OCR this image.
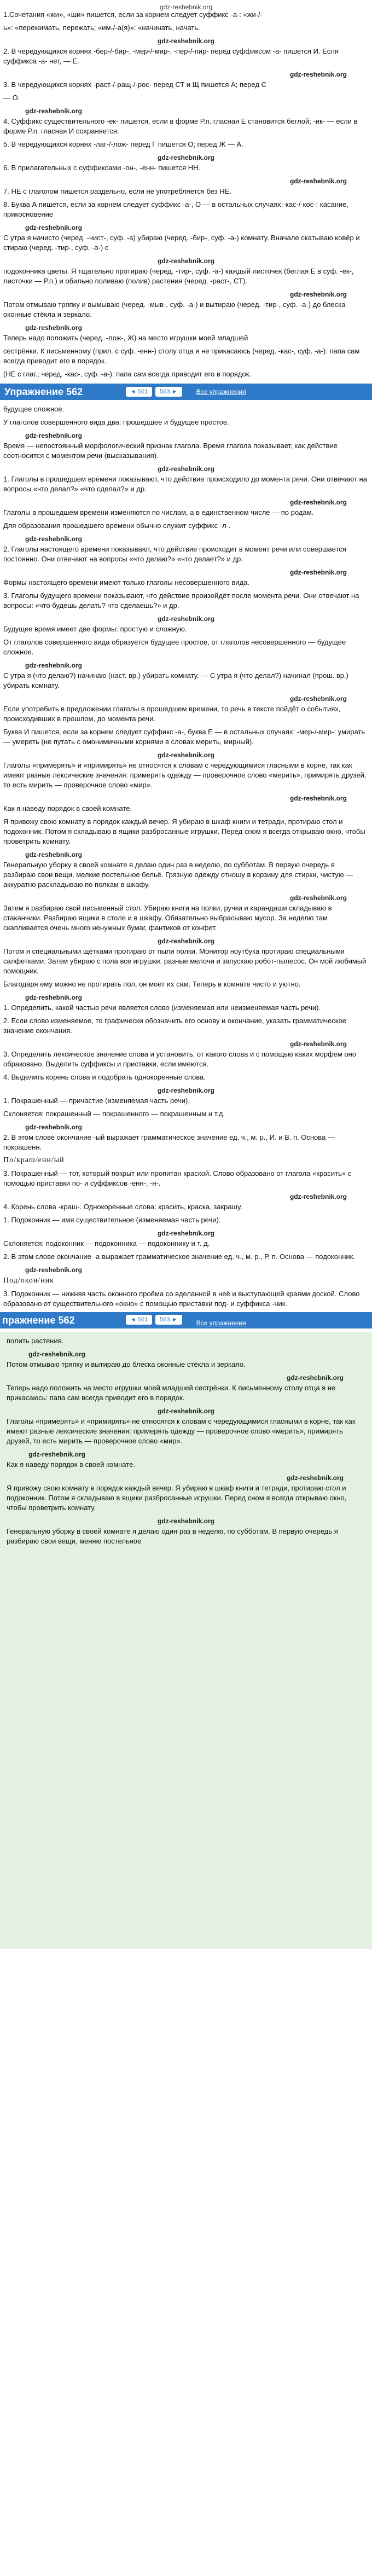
gdz-reshebnik.org

1.Сочетания «жи», «ши» пишется, если за корнем следует суффикс -а-: «жи-/-

ь»: «пережимать, пережать; «им-/-а(я)»: «начинать, начать.

gdz-reshebnik.org

2. В чередующихся корнях -бер-/-бир-, -мер-/-мир-, -пер-/-пир- перед суффиксом -а- пишется И. Если суффикса -а- нет, — Е.

gdz-reshebnik.org

3. В чередующихся корнях -раст-/-ращ-/-рос- перед СТ и Щ пишется А; перед С

— О.

gdz-reshebnik.org

4. Суффикс существительного -ек- пишется, если в форме Р.п. гласная Е становится беглой; -ик- — если в форме Р.п. гласная И сохраняется.

5. В чередующихся корнях -лаг-/-лож- перед Г пишется О; перед Ж — А.

gdz-reshebnik.org

6. В прилагательных с суффиксами -он-, -енн- пишется НН.

gdz-reshebnik.org

7. НЕ с глаголом пишется раздельно, если не употребляется без НЕ.

8. Буква А пишется, если за корнем следует суффикс -а-, О — в остальных случаях:-кас-/-кос-: касание, прикосновение

gdz-reshebnik.org

С утра я начисто (черед. -чист-, суф. -а) убираю (черед. -бир-, суф. -а-) комнату. Вначале скатываю ковёр и стираю (черед. -тир-, суф. -а-) с

gdz-reshebnik.org

подоконника цветы. Я тщательно протираю (черед. -тир-, суф. -а-) каждый листочек (беглая Е в суф. -ек-, листочки — Р.п.) и обильно поливаю (полив) растения (черед. -раст-, СТ).

gdz-reshebnik.org

Потом отмываю тряпку и вымываю (черед. -мыв-, суф. -а-) и вытираю (черед. -тир-, суф. -а-) до блеска оконные стёкла и зеркало.

gdz-reshebnik.org

Теперь надо положить (черед. -лож-, Ж) на место игрушки моей младшей

сестрёнки. К письменному (прил. с суф. -енн-) столу отца я не прикасаюсь (черед. -кас-, суф. -а-): папа сам всегда приводит его в порядок.

(НЕ с глаг.; черед. -кас-, суф. -а-): папа сам всегда приводит его в порядок.

Упражнение 562	◄ 561	563 ►	Все упражнения

будущее сложное.

У глаголов совершенного вида два: прошедшее и будущее простое.

gdz-reshebnik.org

Время — непостоянный морфологический признак глагола. Время глагола показывает, как действие соотносится с моментом речи (высказывания).

gdz-reshebnik.org

1. Глаголы в прошедшем времени показывают, что действие происходило до момента речи. Они отвечают на вопросы «что делал?» «что сделал?» и др.

gdz-reshebnik.org

Глаголы в прошедшем времени изменяются по числам, а в единственном числе — по родам.

Для образования прошедшего времени обычно служит суффикс -л-.

gdz-reshebnik.org

2. Глаголы настоящего времени показывают, что действие происходит в момент речи или совершается постоянно. Они отвечают на вопросы «что делаю?» «что делает?» и др.

gdz-reshebnik.org

Формы настоящего времени имеют только глаголы несовершенного вида.

3. Глаголы будущего времени показывают, что действие произойдёт после момента речи. Они отвечают на вопросы: «что будешь делать? что сделаешь?» и др.

gdz-reshebnik.org

Будущее время имеет две формы: простую и сложную.

От глаголов совершенного вида образуется будущее простое, от глаголов несовершенного — будущее сложное.

gdz-reshebnik.org

С утра я (что делаю?) начинаю (наст. вр.) убирать комнату. — С утра я (что делал?) начинал (прош. вр.) убирать комнату.

gdz-reshebnik.org

Если употребить в предложении глаголы в прошедшем времени, то речь в тексте пойдёт о событиях, происходивших в прошлом, до момента речи.

Буква И пишется, если за корнем следует суффикс -а-, буква Е — в остальных случаях: -мер-/-мир-: умирать — умереть (не путать с омонимичными корнями в словах мерить, мирный).

gdz-reshebnik.org

Глаголы «примерять» и «примирять» не относятся к словам с чередующимися гласными в корне, так как имеют разные лексические значения: примерять одежду — проверочное слово «мерить», примирять друзей, то есть мирить — проверочное слово «мир».

gdz-reshebnik.org

Как я наведу порядок в своей комнате.

Я привожу свою комнату в порядок каждый вечер. Я убираю в шкаф книги и тетради, протираю стол и подоконник. Потом я складываю в ящики разбросанные игрушки. Перед сном я всегда открываю окно, чтобы проветрить комнату.

gdz-reshebnik.org

Генеральную уборку в своей комнате я делаю один раз в неделю, по субботам. В первую очередь я разбираю свои вещи, мелкие постельное бельё. Грязную одежду отношу в корзину для стирки, чистую — аккуратно раскладываю по полкам в шкафу.

gdz-reshebnik.org

Затем я разбираю свой письменный стол. Убираю книги на полки, ручки и карандаши складываю в стаканчики. Разбираю ящики в столе и в шкафу. Обязательно выбрасываю мусор. За неделю там скапливается очень много ненужных бумаг, фантиков от конфет.

gdz-reshebnik.org

Потом я специальными щётками протираю от пыли полки. Монитор ноутбука протираю специальными салфетками. Затем убираю с пола все игрушки, разные мелочи и запускаю робот-пылесос. Он мой любимый помощник.

Благодаря ему можно не протирать пол, он моет их сам. Теперь в комнате чисто и уютно.

gdz-reshebnik.org

1. Определить, какой частью речи является слово (изменяемая или неизменяемая часть речи).

2. Если слово изменяемое, то графически обозначить его основу и окончание, указать грамматическое значение окончания.

gdz-reshebnik.org

3. Определить лексическое значение слова и установить, от какого слова и с помощью каких морфем оно образовано. Выделить суффиксы и приставки, если имеются.

4. Выделить корень слова и подобрать однокоренные слова.

gdz-reshebnik.org

1. Покрашенный — причастие (изменяемая часть речи).

Склоняется: покрашенный — покрашенного — покрашенным и т.д.

gdz-reshebnik.org

2. В этом слове окончание -ый выражает грамматическое значение ед. ч., м. р., И. и В. п. Основа — покрашенн.

По/краш/енн/ый

3. Покрашенный — тот, который покрыт или пропитан краской. Слово образовано от глагола «красить» с помощью приставки по- и суффиксов -енн-, -н-.

gdz-reshebnik.org

4. Корень слова -краш-. Однокоренные слова: красить, краска, закрашу.

1. Подоконник — имя существительное (изменяемая часть речи).

gdz-reshebnik.org

Склоняется: подоконник — подоконника — подоконнику и т. д.

2. В этом слове окончание -а выражает грамматическое значение ед. ч., м. р., Р. п. Основа — подоконник.

gdz-reshebnik.org
Под/окон/ник

3. Подоконник — нижняя часть оконного проёма со вделанной в неё и выступающей краями доской. Слово образовано от существительного «окно» с помощью приставки под- и суффикса -ник.

пражнение 562	◄ 561	563 ►	Все упражнения

полить растения.

gdz-reshebnik.org

Потом отмываю тряпку и вытираю до блеска оконные стёкла и зеркало.

gdz-reshebnik.org

Теперь надо положить на место игрушки моей младшей сестрёнки. К письменному столу отца я не прикасаюсь: папа сам всегда приводит его в порядок.

gdz-reshebnik.org

Глаголы «примерять» и «примирять» не относятся к словам с чередующимися гласными в корне, так как имеют разные лексические значения: примерять одежду — проверочное слово «мерить», примирять друзей, то есть мирить — проверочное слово «мир».

gdz-reshebnik.org

Как я наведу порядок в своей комнате.

gdz-reshebnik.org

Я привожу свою комнату в порядок каждый вечер. Я убираю в шкаф книги и тетради, протираю стол и подоконник. Потом я складываю в ящики разбросанные игрушки. Перед сном я всегда открываю окно, чтобы проветрить комнату.

gdz-reshebnik.org

Генеральную уборку в своей комнате я делаю один раз в неделю, по субботам. В первую очередь я разбираю свои вещи, меняю постельное
